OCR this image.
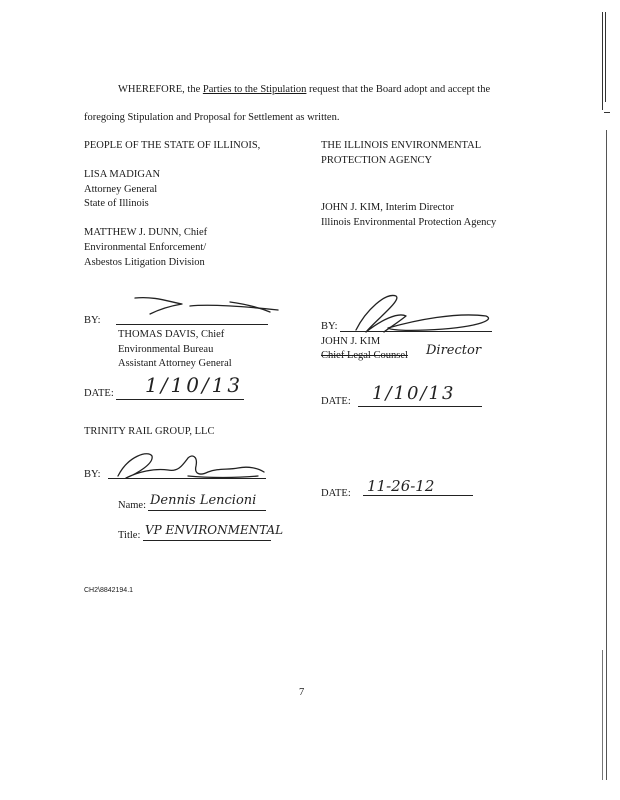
WHEREFORE, the Parties to the Stipulation request that the Board adopt and accept the
foregoing Stipulation and Proposal for Settlement as written.
PEOPLE OF THE STATE OF ILLINOIS,
LISA MADIGAN
Attorney General
State of Illinois
MATTHEW J. DUNN, Chief
Environmental Enforcement/
Asbestos Litigation Division
THE ILLINOIS ENVIRONMENTAL
PROTECTION AGENCY
JOHN J. KIM, Interim Director
Illinois Environmental Protection Agency
BY:
THOMAS DAVIS, Chief
Environmental Bureau
Assistant Attorney General
DATE: 1/10/13
BY:
JOHN J. KIM
Chief Legal Counsel Director
DATE: 1/10/13
TRINITY RAIL GROUP, LLC
BY:
Name: Dennis Lencioni
Title: VP ENVIRONMENTAL
DATE: 11-26-12
CH2\8842194.1
7
